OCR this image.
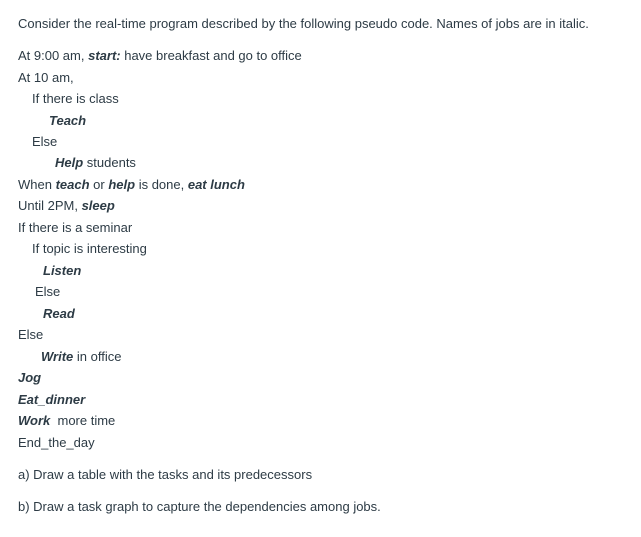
Consider the real-time program described by the following pseudo code. Names of jobs are in italic.
At 9:00 am, start: have breakfast and go to office
At 10 am,
If there is class
Teach
Else
Help students
When teach or help is done, eat lunch
Until 2PM, sleep
If there is a seminar
If topic is interesting
Listen
Else
Read
Else
Write in office
Jog
Eat_dinner
Work  more time
End_the_day
a) Draw a table with the tasks and its predecessors
b) Draw a task graph to capture the dependencies among jobs.
